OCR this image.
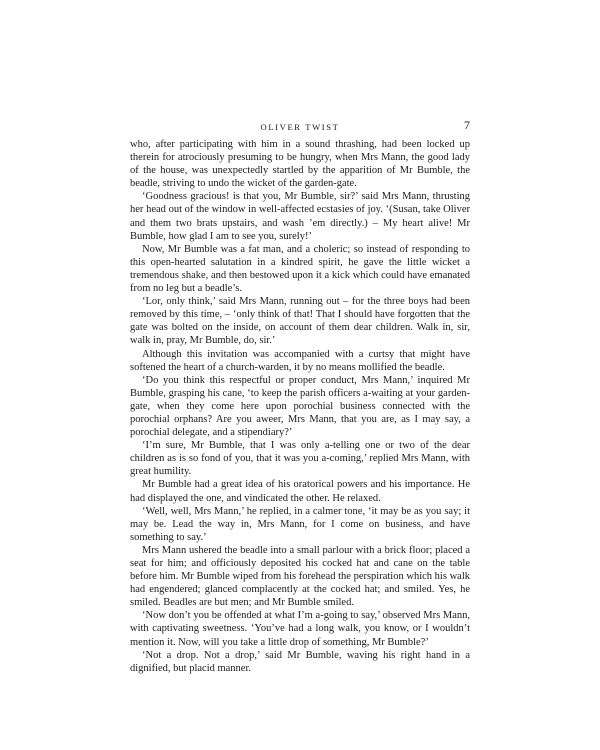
OLIVER TWIST	7

who, after participating with him in a sound thrashing, had been locked up therein for atrociously presuming to be hungry, when Mrs Mann, the good lady of the house, was unexpectedly startled by the apparition of Mr Bumble, the beadle, striving to undo the wicket of the garden-gate.

‘Goodness gracious! is that you, Mr Bumble, sir?’ said Mrs Mann, thrusting her head out of the window in well-affected ecstasies of joy. ‘(Susan, take Oliver and them two brats upstairs, and wash ’em directly.) – My heart alive! Mr Bumble, how glad I am to see you, surely!’

Now, Mr Bumble was a fat man, and a choleric; so instead of responding to this open-hearted salutation in a kindred spirit, he gave the little wicket a tremendous shake, and then bestowed upon it a kick which could have emanated from no leg but a beadle’s.

‘Lor, only think,’ said Mrs Mann, running out – for the three boys had been removed by this time, – ‘only think of that! That I should have forgotten that the gate was bolted on the inside, on account of them dear children. Walk in, sir, walk in, pray, Mr Bumble, do, sir.’

Although this invitation was accompanied with a curtsy that might have softened the heart of a church-warden, it by no means mollified the beadle.

‘Do you think this respectful or proper conduct, Mrs Mann,’ inquired Mr Bumble, grasping his cane, ‘to keep the parish officers a-waiting at your garden-gate, when they come here upon porochial business connected with the porochial orphans? Are you aweer, Mrs Mann, that you are, as I may say, a porochial delegate, and a stipendiary?’

‘I’m sure, Mr Bumble, that I was only a-telling one or two of the dear children as is so fond of you, that it was you a-coming,’ replied Mrs Mann, with great humility.

Mr Bumble had a great idea of his oratorical powers and his importance. He had displayed the one, and vindicated the other. He relaxed.

‘Well, well, Mrs Mann,’ he replied, in a calmer tone, ‘it may be as you say; it may be. Lead the way in, Mrs Mann, for I come on business, and have something to say.’

Mrs Mann ushered the beadle into a small parlour with a brick floor; placed a seat for him; and officiously deposited his cocked hat and cane on the table before him. Mr Bumble wiped from his forehead the perspiration which his walk had engendered; glanced complacently at the cocked hat; and smiled. Yes, he smiled. Beadles are but men; and Mr Bumble smiled.

‘Now don’t you be offended at what I’m a-going to say,’ observed Mrs Mann, with captivating sweetness. ‘You’ve had a long walk, you know, or I wouldn’t mention it. Now, will you take a little drop of something, Mr Bumble?’

‘Not a drop. Not a drop,’ said Mr Bumble, waving his right hand in a dignified, but placid manner.
